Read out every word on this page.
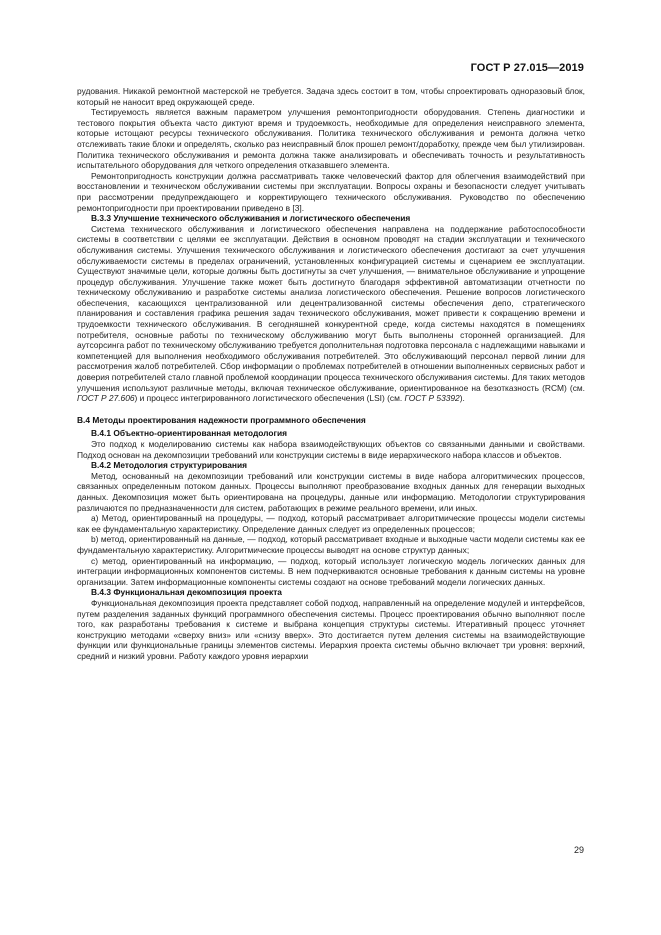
ГОСТ Р 27.015—2019

рудования. Никакой ремонтной мастерской не требуется. Задача здесь состоит в том, чтобы спроектировать одноразовый блок, который не наносит вред окружающей среде.

Тестируемость является важным параметром улучшения ремонтопригодности оборудования. Степень диагностики и тестового покрытия объекта часто диктуют время и трудоемкость, необходимые для определения неисправного элемента, которые истощают ресурсы технического обслуживания. Политика технического обслуживания и ремонта должна четко отслеживать такие блоки и определять, сколько раз неисправный блок прошел ремонт/доработку, прежде чем был утилизирован. Политика технического обслуживания и ремонта должна также анализировать и обеспечивать точность и результативность испытательного оборудования для четкого определения отказавшего элемента.

Ремонтопригодность конструкции должна рассматривать также человеческий фактор для облегчения взаимодействий при восстановлении и техническом обслуживании системы при эксплуатации. Вопросы охраны и безопасности следует учитывать при рассмотрении предупреждающего и корректирующего технического обслуживания. Руководство по обеспечению ремонтопригодности при проектировании приведено в [3].

В.3.3 Улучшение технического обслуживания и логистического обеспечения

Система технического обслуживания и логистического обеспечения направлена на поддержание работоспособности системы в соответствии с целями ее эксплуатации. Действия в основном проводят на стадии эксплуатации и технического обслуживания системы. Улучшения технического обслуживания и логистического обеспечения достигают за счет улучшения обслуживаемости системы в пределах ограничений, установленных конфигурацией системы и сценарием ее эксплуатации. Существуют значимые цели, которые должны быть достигнуты за счет улучшения, — внимательное обслуживание и упрощение процедур обслуживания. Улучшение также может быть достигнуто благодаря эффективной автоматизации отчетности по техническому обслуживанию и разработке системы анализа логистического обеспечения. Решение вопросов логистического обеспечения, касающихся централизованной или децентрализованной системы обеспечения депо, стратегического планирования и составления графика решения задач технического обслуживания, может привести к сокращению времени и трудоемкости технического обслуживания. В сегодняшней конкурентной среде, когда системы находятся в помещениях потребителя, основные работы по техническому обслуживанию могут быть выполнены сторонней организацией. Для аутсорсинга работ по техническому обслуживанию требуется дополнительная подготовка персонала с надлежащими навыками и компетенцией для выполнения необходимого обслуживания потребителей. Это обслуживающий персонал первой линии для рассмотрения жалоб потребителей. Сбор информации о проблемах потребителей в отношении выполненных сервисных работ и доверия потребителей стало главной проблемой координации процесса технического обслуживания системы. Для таких методов улучшения используют различные методы, включая техническое обслуживание, ориентированное на безотказность (RCM) (см. ГОСТ Р 27.606) и процесс интегрированного логистического обеспечения (LSI) (см. ГОСТ Р 53392).

В.4 Методы проектирования надежности программного обеспечения
В.4.1 Объектно-ориентированная методология

Это подход к моделированию системы как набора взаимодействующих объектов со связанными данными и свойствами. Подход основан на декомпозиции требований или конструкции системы в виде иерархического набора классов и объектов.

В.4.2 Методология структурирования

Метод, основанный на декомпозиции требований или конструкции системы в виде набора алгоритмических процессов, связанных определенным потоком данных. Процессы выполняют преобразование входных данных для генерации выходных данных. Декомпозиция может быть ориентирована на процедуры, данные или информацию. Методологии структурирования различаются по предназначенности для систем, работающих в режиме реального времени, или иных.

а) Метод, ориентированный на процедуры, — подход, который рассматривает алгоритмические процессы модели системы как ее фундаментальную характеристику. Определение данных следует из определенных процессов;

b) метод, ориентированный на данные, — подход, который рассматривает входные и выходные части модели системы как ее фундаментальную характеристику. Алгоритмические процессы выводят на основе структур данных;

с) метод, ориентированный на информацию, — подход, который использует логическую модель логических данных для интеграции информационных компонентов системы. В нем подчеркиваются основные требования к данным системы на уровне организации. Затем информационные компоненты системы создают на основе требований модели логических данных.

В.4.3 Функциональная декомпозиция проекта

Функциональная декомпозиция проекта представляет собой подход, направленный на определение модулей и интерфейсов, путем разделения заданных функций программного обеспечения системы. Процесс проектирования обычно выполняют после того, как разработаны требования к системе и выбрана концепция структуры системы. Итеративный процесс уточняет конструкцию методами «сверху вниз» или «снизу вверх». Это достигается путем деления системы на взаимодействующие функции или функциональные границы элементов системы. Иерархия проекта системы обычно включает три уровня: верхний, средний и низкий уровни. Работу каждого уровня иерархии

29
